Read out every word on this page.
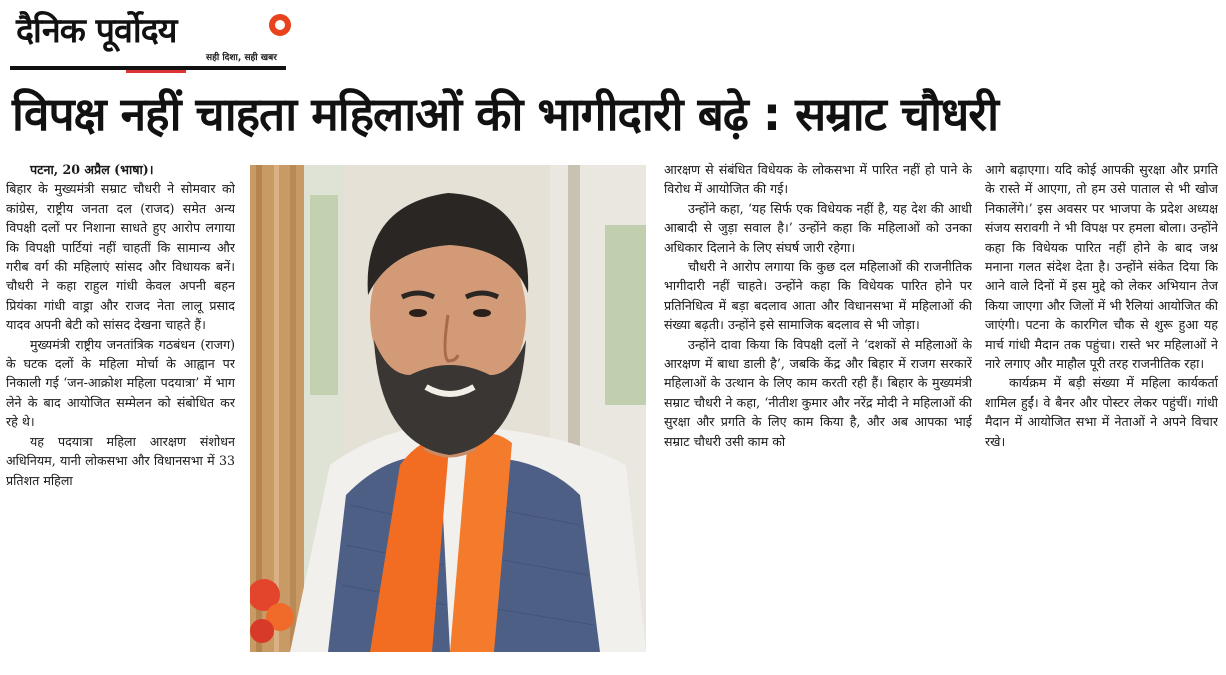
दैनिक पूर्वोदय
सही दिशा, सही खबर
विपक्ष नहीं चाहता महिलाओं की भागीदारी बढ़े : सम्राट चौधरी

पटना, 20 अप्रैल (भाषा)।

बिहार के मुख्यमंत्री सम्राट चौधरी ने सोमवार को कांग्रेस, राष्ट्रीय जनता दल (राजद) समेत अन्य विपक्षी दलों पर निशाना साधते हुए आरोप लगाया कि विपक्षी पार्टियां नहीं चाहतीं कि सामान्य और गरीब वर्ग की महिलाएं सांसद और विधायक बनें। चौधरी ने कहा राहुल गांधी केवल अपनी बहन प्रियंका गांधी वाड्रा और राजद नेता लालू प्रसाद यादव अपनी बेटी को सांसद देखना चाहते हैं।

मुख्यमंत्री राष्ट्रीय जनतांत्रिक गठबंधन (राजग) के घटक दलों के महिला मोर्चा के आह्वान पर निकाली गई ‘जन-आक्रोश महिला पदयात्रा’ में भाग लेने के बाद आयोजित सम्मेलन को संबोधित कर रहे थे।

यह पदयात्रा महिला आरक्षण संशोधन अधिनियम, यानी लोकसभा और विधानसभा में 33 प्रतिशत महिला

आरक्षण से संबंधित विधेयक के लोकसभा में पारित नहीं हो पाने के विरोध में आयोजित की गई।

उन्होंने कहा, ‘यह सिर्फ एक विधेयक नहीं है, यह देश की आधी आबादी से जुड़ा सवाल है।’ उन्होंने कहा कि महिलाओं को उनका अधिकार दिलाने के लिए संघर्ष जारी रहेगा।

चौधरी ने आरोप लगाया कि कुछ दल महिलाओं की राजनीतिक भागीदारी नहीं चाहते। उन्होंने कहा कि विधेयक पारित होने पर प्रतिनिधित्व में बड़ा बदलाव आता और विधानसभा में महिलाओं की संख्या बढ़ती। उन्होंने इसे सामाजिक बदलाव से भी जोड़ा।

उन्होंने दावा किया कि विपक्षी दलों ने ‘दशकों से महिलाओं के आरक्षण में बाधा डाली है’, जबकि केंद्र और बिहार में राजग सरकारें महिलाओं के उत्थान के लिए काम करती रही हैं। बिहार के मुख्यमंत्री सम्राट चौधरी ने कहा, ‘नीतीश कुमार और नरेंद्र मोदी ने महिलाओं की सुरक्षा और प्रगति के लिए काम किया है, और अब आपका भाई सम्राट चौधरी उसी काम को

आगे बढ़ाएगा। यदि कोई आपकी सुरक्षा और प्रगति के रास्ते में आएगा, तो हम उसे पाताल से भी खोज निकालेंगे।’ इस अवसर पर भाजपा के प्रदेश अध्यक्ष संजय सरावगी ने भी विपक्ष पर हमला बोला। उन्होंने कहा कि विधेयक पारित नहीं होने के बाद जश्न मनाना गलत संदेश देता है। उन्होंने संकेत दिया कि आने वाले दिनों में इस मुद्दे को लेकर अभियान तेज किया जाएगा और जिलों में भी रैलियां आयोजित की जाएंगी। पटना के कारगिल चौक से शुरू हुआ यह मार्च गांधी मैदान तक पहुंचा। रास्ते भर महिलाओं ने नारे लगाए और माहौल पूरी तरह राजनीतिक रहा।

कार्यक्रम में बड़ी संख्या में महिला कार्यकर्ता शामिल हुईं। वे बैनर और पोस्टर लेकर पहुंचीं। गांधी मैदान में आयोजित सभा में नेताओं ने अपने विचार रखे।
